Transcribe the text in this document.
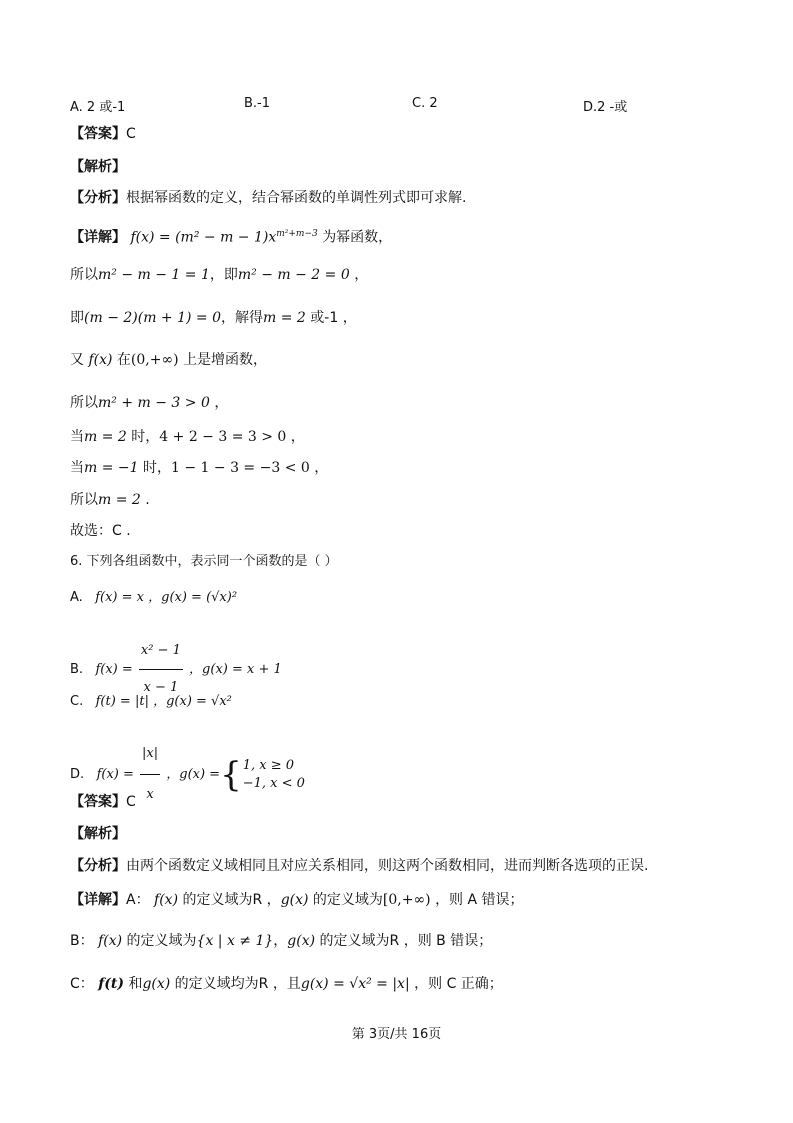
A. 2 或-1	B.-1	C. 2	D.2 -或
【答案】C
【解析】
【分析】根据幂函数的定义，结合幂函数的单调性列式即可求解.
【详解】 $f(x) = (m^2 - m - 1)x^{m^2+m-3}$ 为幂函数，
所以m² − m − 1 = 1，即m² − m − 2 = 0 ，
即(m − 2)(m + 1) = 0，解得m = 2 或-1 ，
又 f(x) 在(0,+∞) 上是增函数，
所以m² + m − 3 > 0 ，
当m = 2 时，4 + 2 − 3 = 3 > 0 ，
当m = −1 时，1 − 1 − 3 = −3 < 0 ，
所以m = 2 .
故选：C .
6. 下列各组函数中，表示同一个函数的是（ ）
A. f(x) = x ，g(x) = (√x)²
B. $f(x) = \frac{\text{x² − 1}}{x - 1}$ ，g(x) = x + 1
C. f(t) = |t| ，g(x) = √x²
D. $f(x) = \frac{|x|}{x}$ ，g(x) ={ 1, x ≥ 0
−1, x < 0
【答案】C
【解析】
【分析】由两个函数定义域相同且对应关系相同，则这两个函数相同，进而判断各选项的正误.
【详解】A： f(x) 的定义域为R ，g(x) 的定义域为[0,+∞) ，则 A 错误；
B： f(x) 的定义域为{x | x ≠ 1}，g(x) 的定义域为R ，则 B 错误；
C： f(t) 和g(x) 的定义域均为R ，且g(x) = √x² = |x| ，则 C 正确；
第 3页/共 16页
